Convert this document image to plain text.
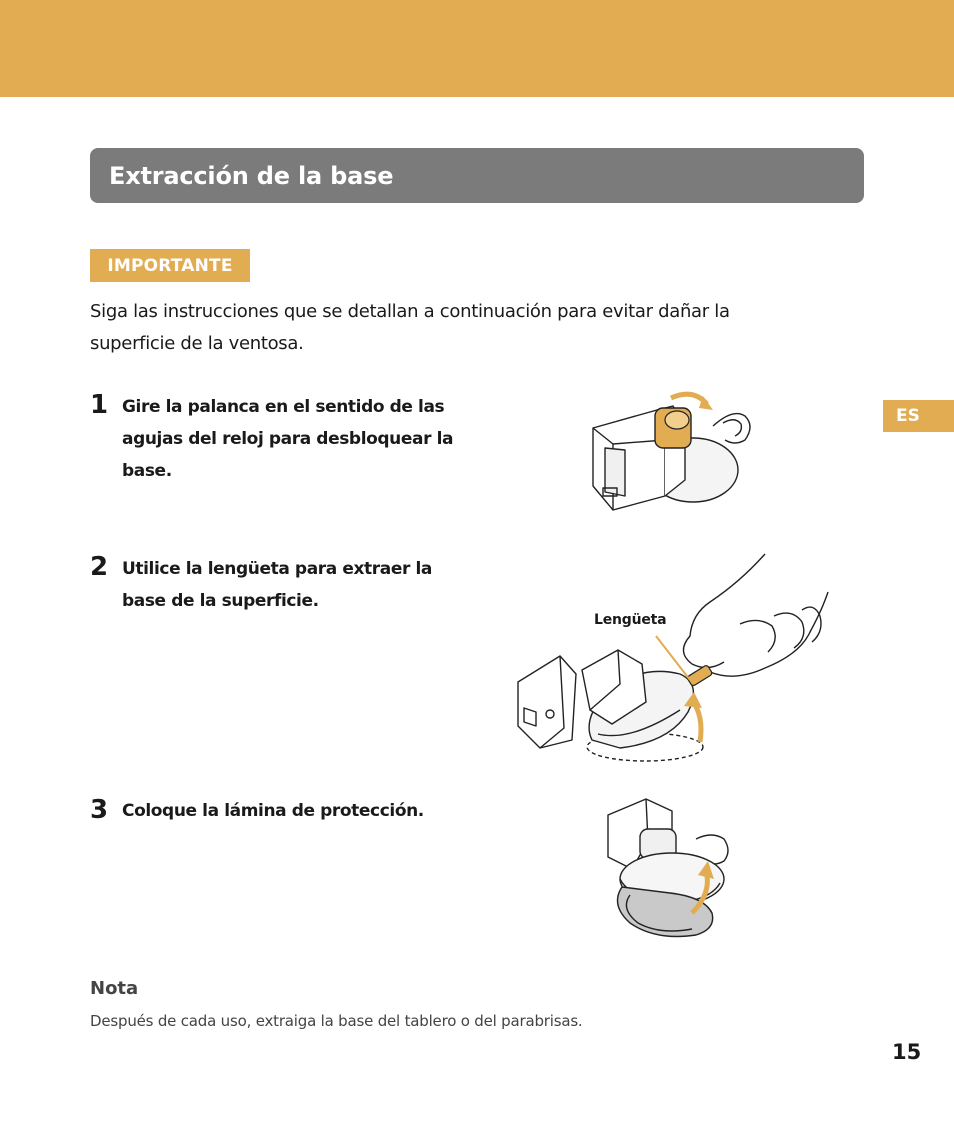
Extracción de la base
IMPORTANTE

Siga las instrucciones que se detallan a continuación para evitar dañar la superficie de la ventosa.

ES
1 Gire la palanca en el sentido de las agujas del reloj para desbloquear la base.

2 Utilice la lengüeta para extraer la base de la superficie.

Lengüeta
3 Coloque la lámina de protección.

Nota

Después de cada uso, extraiga la base del tablero o del parabrisas.

15
